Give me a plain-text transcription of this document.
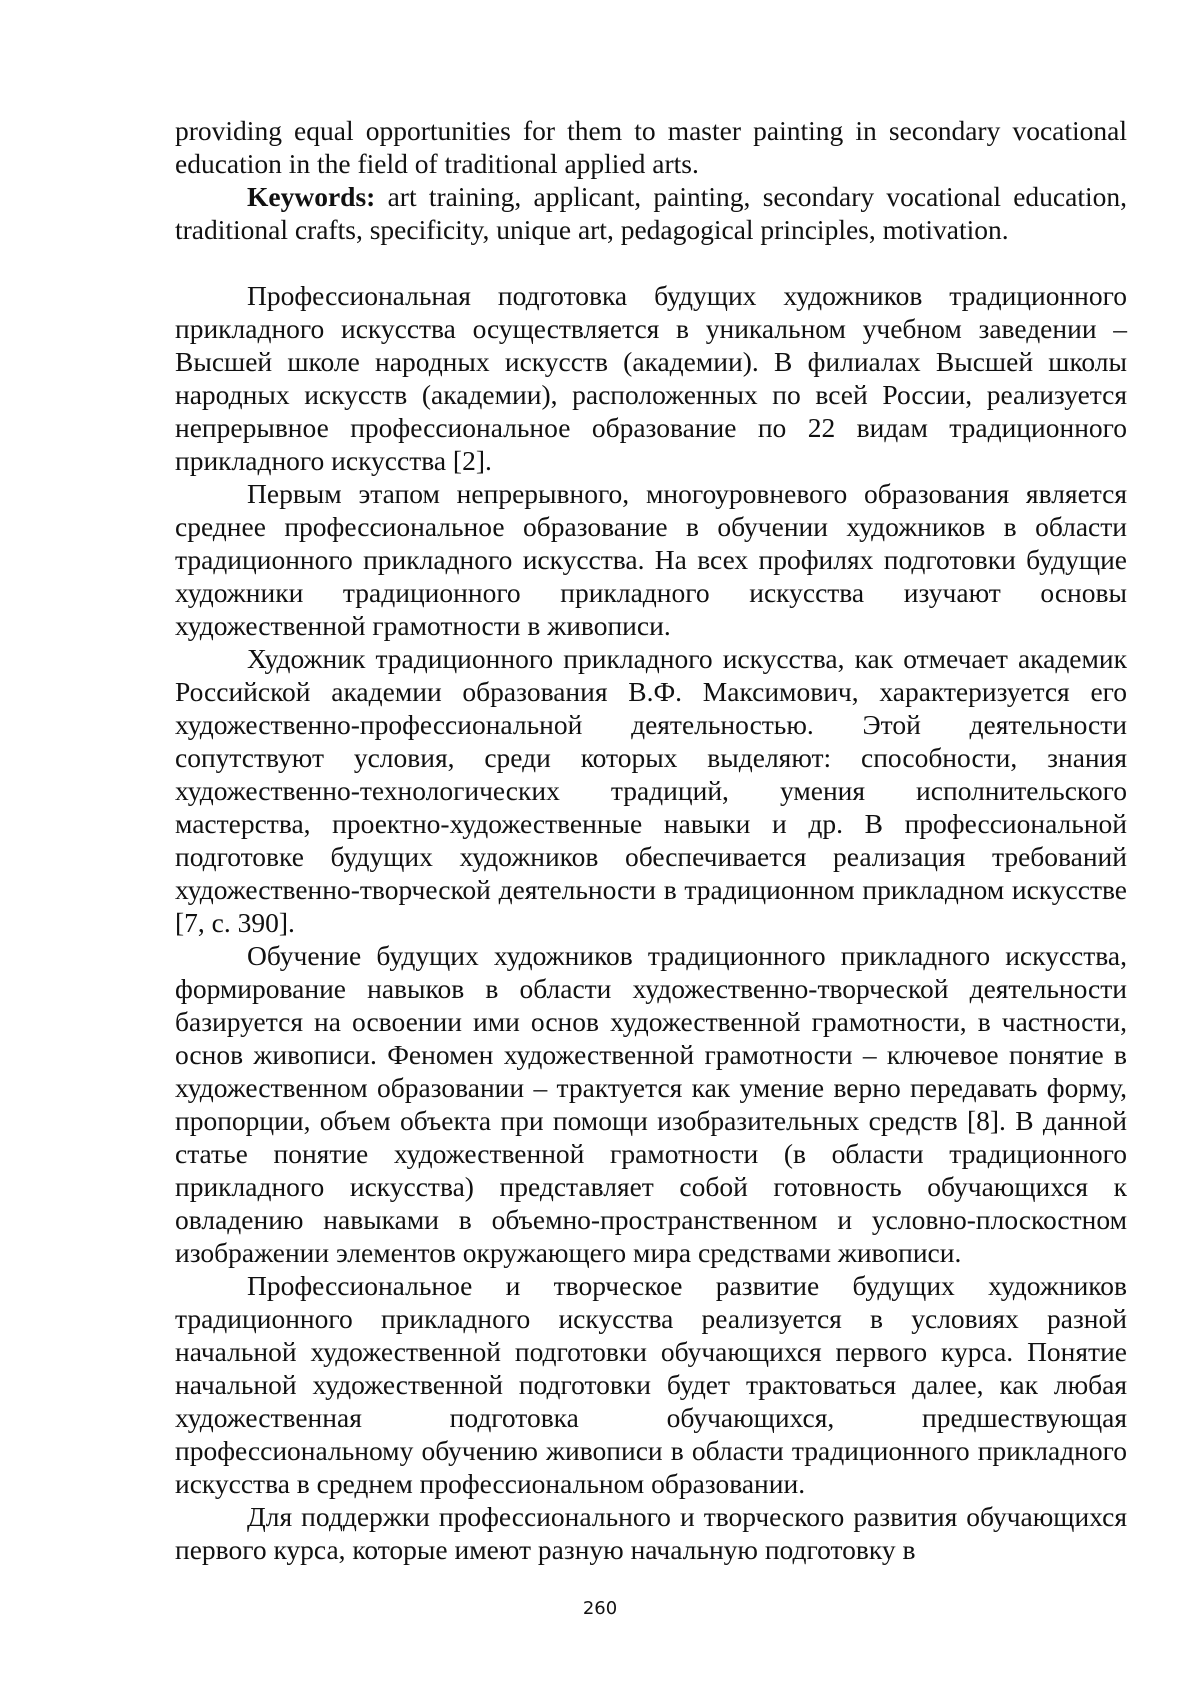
providing equal opportunities for them to master painting in secondary vocational education in the field of traditional applied arts.

Keywords: art training, applicant, painting, secondary vocational education, traditional crafts, specificity, unique art, pedagogical principles, motivation.

Профессиональная подготовка будущих художников традиционного прикладного искусства осуществляется в уникальном учебном заведении – Высшей школе народных искусств (академии). В филиалах Высшей школы народных искусств (академии), расположенных по всей России, реализуется непрерывное профессиональное образование по 22 видам традиционного прикладного искусства [2].

Первым этапом непрерывного, многоуровневого образования является среднее профессиональное образование в обучении художников в области традиционного прикладного искусства. На всех профилях подготовки будущие художники традиционного прикладного искусства изучают основы художественной грамотности в живописи.

Художник традиционного прикладного искусства, как отмечает академик Российской академии образования В.Ф. Максимович, характеризуется его художественно-профессиональной деятельностью. Этой деятельности сопутствуют условия, среди которых выделяют: способности, знания художественно-технологических традиций, умения исполнительского мастерства, проектно-художественные навыки и др. В профессиональной подготовке будущих художников обеспечивается реализация требований художественно-творческой деятельности в традиционном прикладном искусстве [7, с. 390].

Обучение будущих художников традиционного прикладного искусства, формирование навыков в области художественно-творческой деятельности базируется на освоении ими основ художественной грамотности, в частности, основ живописи. Феномен художественной грамотности – ключевое понятие в художественном образовании – трактуется как умение верно передавать форму, пропорции, объем объекта при помощи изобразительных средств [8]. В данной статье понятие художественной грамотности (в области традиционного прикладного искусства) представляет собой готовность обучающихся к овладению навыками в объемно-пространственном и условно-плоскостном изображении элементов окружающего мира средствами живописи.

Профессиональное и творческое развитие будущих художников традиционного прикладного искусства реализуется в условиях разной начальной художественной подготовки обучающихся первого курса. Понятие начальной художественной подготовки будет трактоваться далее, как любая художественная подготовка обучающихся, предшествующая профессиональному обучению живописи в области традиционного прикладного искусства в среднем профессиональном образовании.

Для поддержки профессионального и творческого развития обучающихся первого курса, которые имеют разную начальную подготовку в

260
